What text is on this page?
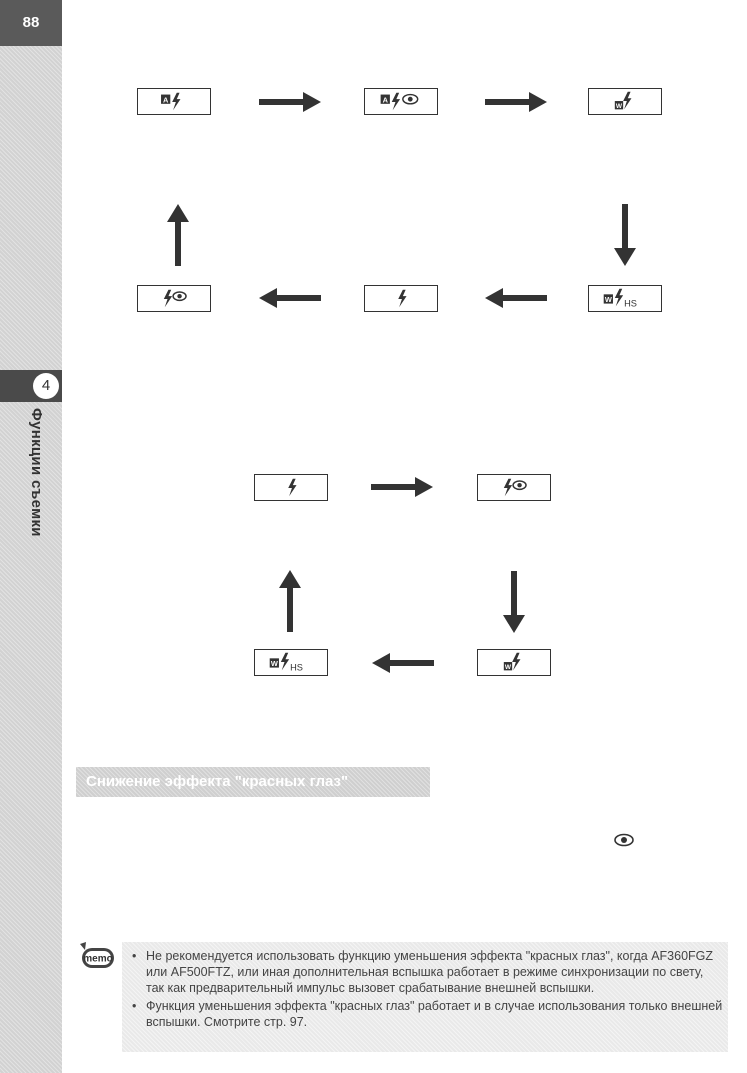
88
4
Функции съемки
A	A
W
W HS
W
W HS
Снижение эффекта "красных глаз"
memo
•	Не рекомендуется использовать функцию уменьшения эффекта "красных глаз", когда AF360FGZ или AF500FTZ, или иная дополнительная вспышка работает в режиме синхронизации по свету, так как предварительный импульс вызовет срабатывание внешней вспышки.
• Функция уменьшения эффекта "красных глаз" работает и в случае использования только внешней вспышки. Смотрите стр. 97.
